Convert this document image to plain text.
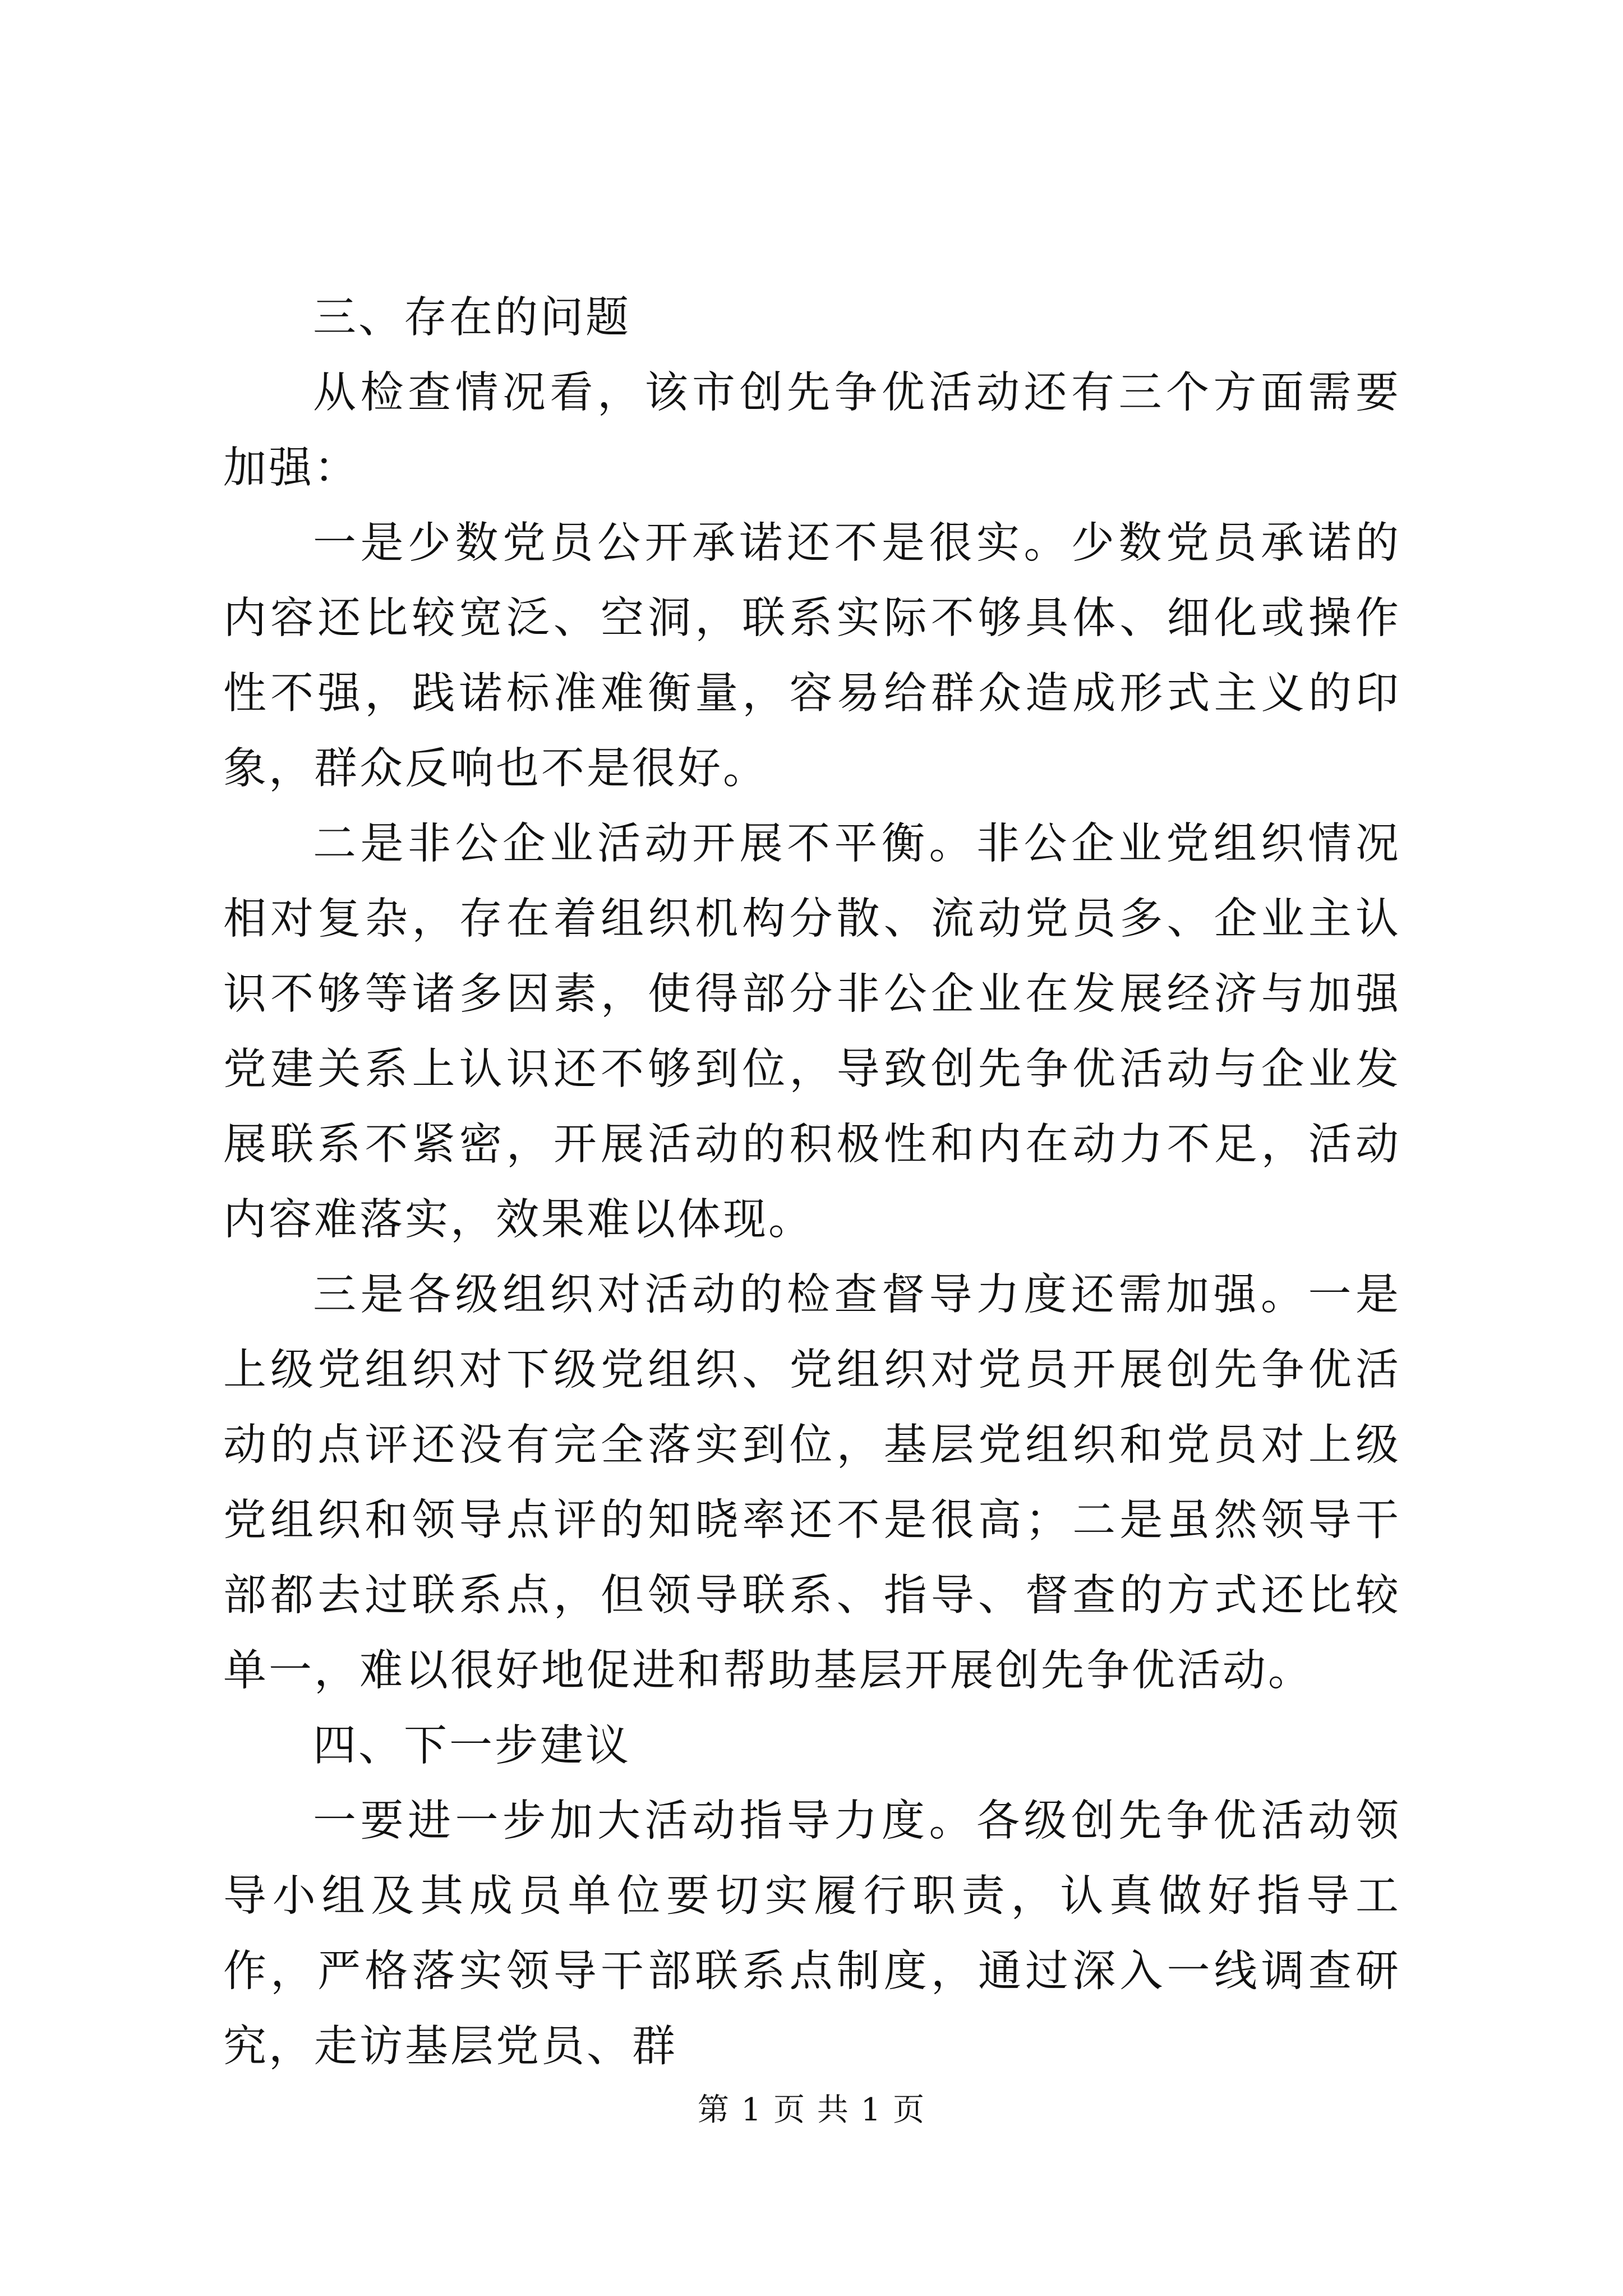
三、存在的问题

从检查情况看，该市创先争优活动还有三个方面需要加强：

一是少数党员公开承诺还不是很实。少数党员承诺的内容还比较宽泛、空洞，联系实际不够具体、细化或操作性不强，践诺标准难衡量，容易给群众造成形式主义的印象，群众反响也不是很好。

二是非公企业活动开展不平衡。非公企业党组织情况相对复杂，存在着组织机构分散、流动党员多、企业主认识不够等诸多因素，使得部分非公企业在发展经济与加强党建关系上认识还不够到位，导致创先争优活动与企业发展联系不紧密，开展活动的积极性和内在动力不足，活动内容难落实，效果难以体现。

三是各级组织对活动的检查督导力度还需加强。一是上级党组织对下级党组织、党组织对党员开展创先争优活动的点评还没有完全落实到位，基层党组织和党员对上级党组织和领导点评的知晓率还不是很高；二是虽然领导干部都去过联系点，但领导联系、指导、督查的方式还比较单一，难以很好地促进和帮助基层开展创先争优活动。

四、下一步建议

一要进一步加大活动指导力度。各级创先争优活动领导小组及其成员单位要切实履行职责，认真做好指导工作，严格落实领导干部联系点制度，通过深入一线调查研究，走访基层党员、群

第 1 页 共 1 页
